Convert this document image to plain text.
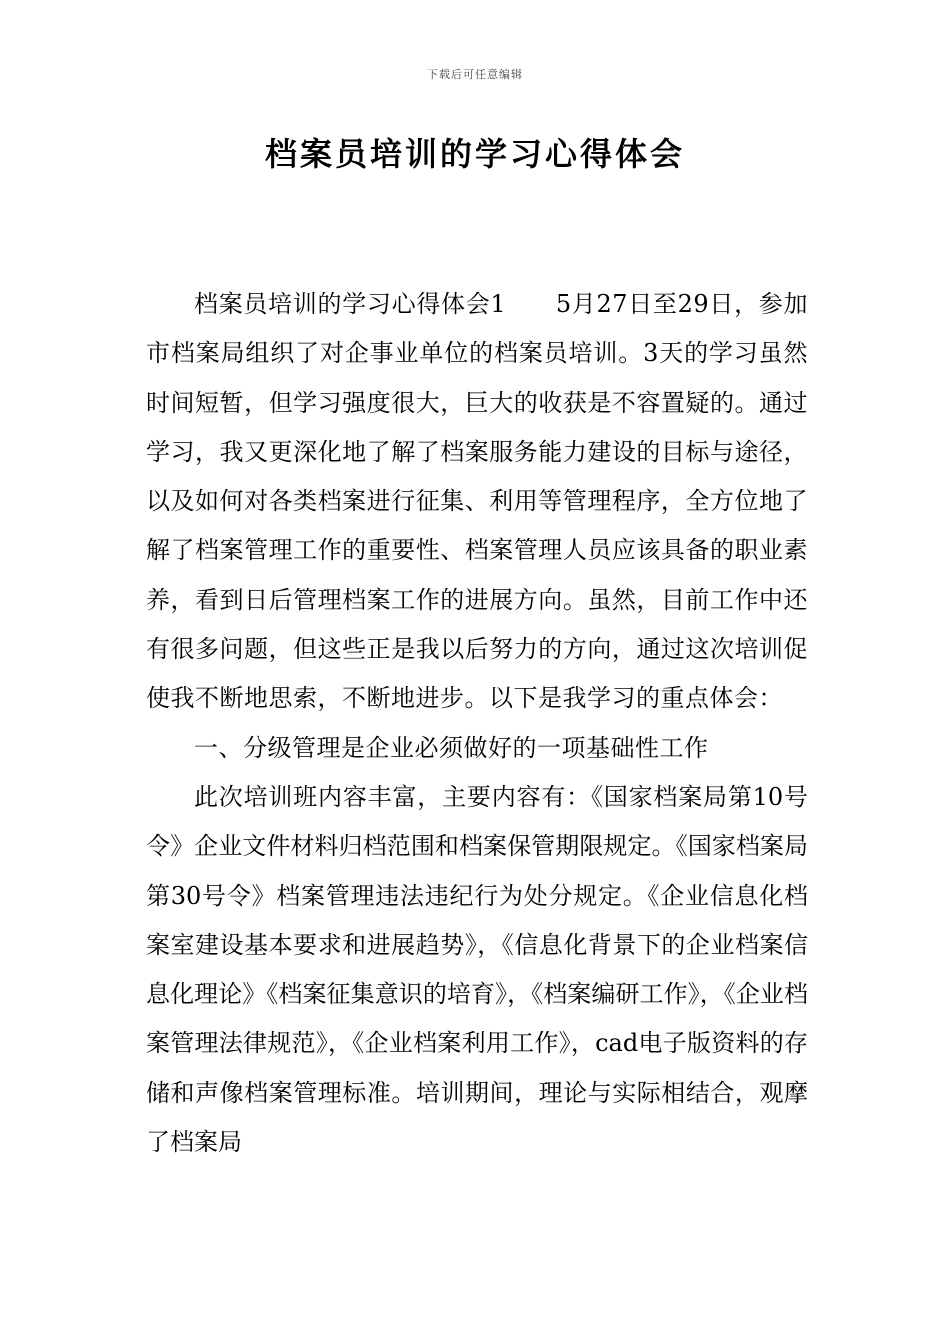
下载后可任意编辑
档案员培训的学习心得体会

档案员培训的学习心得体会1　　5月27日至29日，参加市档案局组织了对企事业单位的档案员培训。3天的学习虽然时间短暂，但学习强度很大，巨大的收获是不容置疑的。通过学习，我又更深化地了解了档案服务能力建设的目标与途径，以及如何对各类档案进行征集、利用等管理程序，全方位地了解了档案管理工作的重要性、档案管理人员应该具备的职业素养，看到日后管理档案工作的进展方向。虽然，目前工作中还有很多问题，但这些正是我以后努力的方向，通过这次培训促使我不断地思索，不断地进步。以下是我学习的重点体会：

一、分级管理是企业必须做好的一项基础性工作

此次培训班内容丰富，主要内容有：《国家档案局第10号令》企业文件材料归档范围和档案保管期限规定。《国家档案局第30号令》档案管理违法违纪行为处分规定。《企业信息化档案室建设基本要求和进展趋势》，《信息化背景下的企业档案信息化理论》《档案征集意识的培育》，《档案编研工作》，《企业档案管理法律规范》，《企业档案利用工作》，cad电子版资料的存储和声像档案管理标准。培训期间，理论与实际相结合，观摩了档案局
